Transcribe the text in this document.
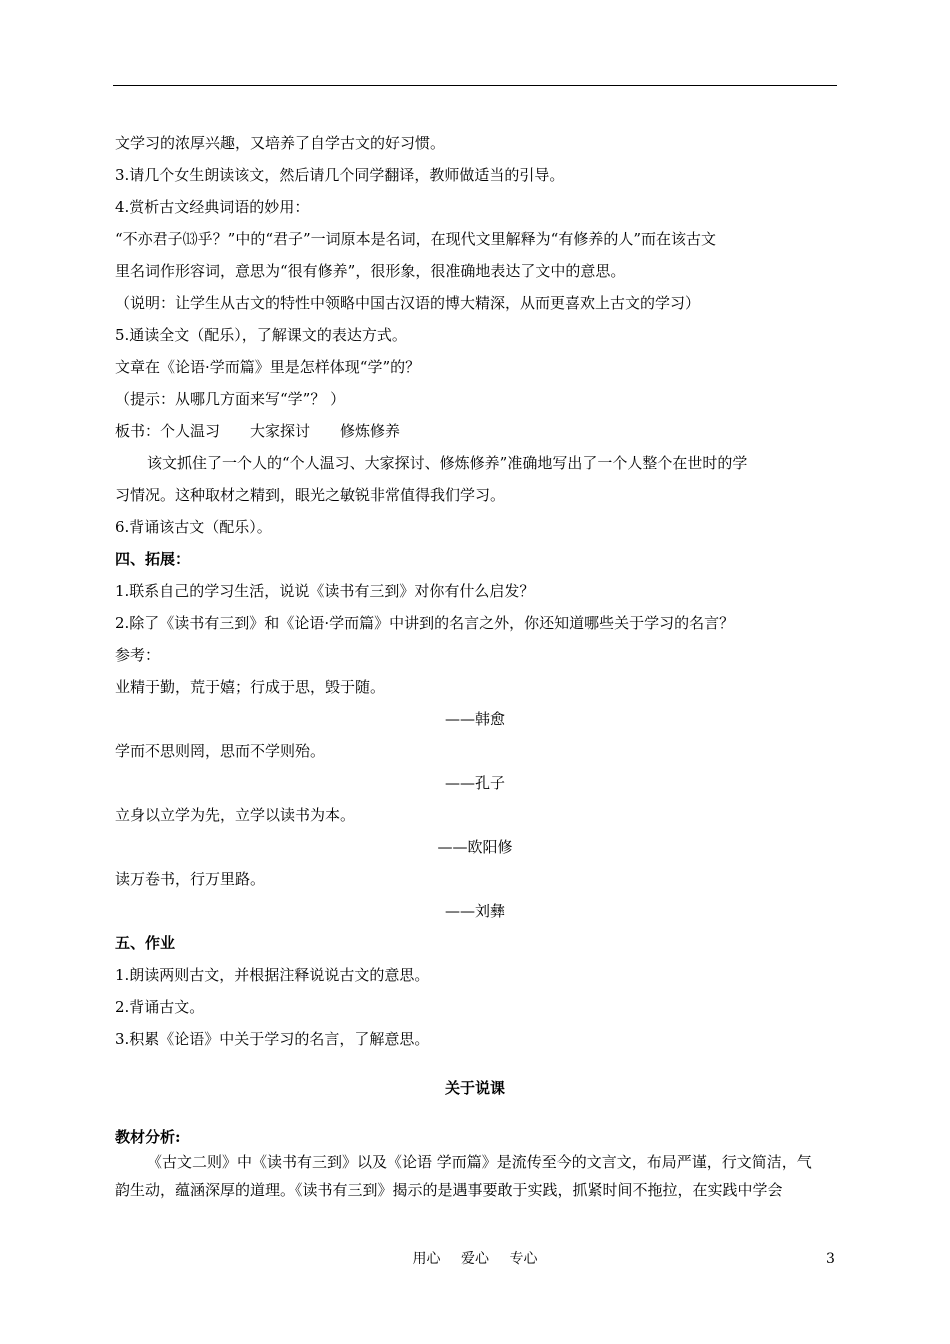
文学习的浓厚兴趣，又培养了自学古文的好习惯。
3.请几个女生朗读该文，然后请几个同学翻译，教师做适当的引导。
4.赏析古文经典词语的妙用：
“不亦君子⒀乎？”中的“君子”一词原本是名词，在现代文里解释为“有修养的人”而在该古文
里名词作形容词，意思为“很有修养”，很形象，很准确地表达了文中的意思。
（说明：让学生从古文的特性中领略中国古汉语的博大精深，从而更喜欢上古文的学习）
5.通读全文（配乐），了解课文的表达方式。
文章在《论语·学而篇》里是怎样体现“学”的？
（提示：从哪几方面来写“学”？ ）
板书：个人温习　　大家探讨　　修炼修养
该文抓住了一个人的“个人温习、大家探讨、修炼修养”准确地写出了一个人整个在世时的学
习情况。这种取材之精到，眼光之敏锐非常值得我们学习。
6.背诵该古文（配乐）。
四、拓展：
1.联系自己的学习生活，说说《读书有三到》对你有什么启发？
2.除了《读书有三到》和《论语·学而篇》中讲到的名言之外，你还知道哪些关于学习的名言？
参考：
业精于勤，荒于嬉；行成于思，毁于随。
——韩愈
学而不思则罔，思而不学则殆。
——孔子
立身以立学为先，立学以读书为本。
——欧阳修
读万卷书，行万里路。
——刘彝
五、作业
1.朗读两则古文，并根据注释说说古文的意思。
2.背诵古文。
3.积累《论语》中关于学习的名言，了解意思。
关于说课
教材分析:
《古文二则》中《读书有三到》以及《论语 学而篇》是流传至今的文言文，布局严谨，行文简洁，气
韵生动，蕴涵深厚的道理。《读书有三到》揭示的是遇事要敢于实践，抓紧时间不拖拉，在实践中学会
用心 爱心 专心	3
